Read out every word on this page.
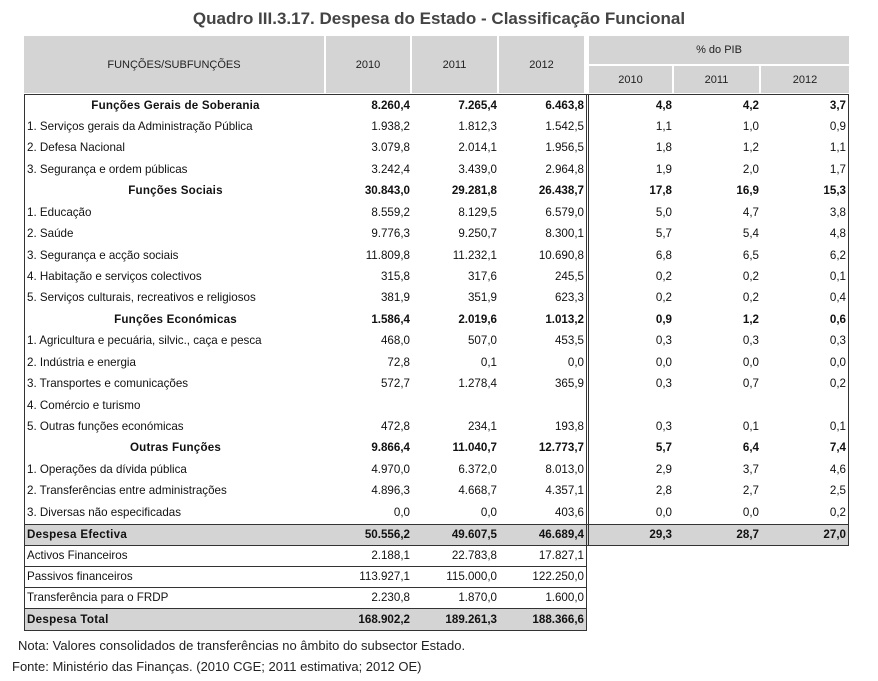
Quadro III.3.17. Despesa do Estado - Classificação Funcional
FUNÇÕES/SUBFUNÇÕES	2010	2011	2012
% do PIB
2010	2011	2012
Funções Gerais de Soberania	8.260,4	7.265,4	6.463,8	4,8	4,2	3,7
1. Serviços gerais da Administração Pública	1.938,2	1.812,3	1.542,5	1,1	1,0	0,9
2. Defesa Nacional	3.079,8	2.014,1	1.956,5	1,8	1,2	1,1
3. Segurança e ordem públicas	3.242,4	3.439,0	2.964,8	1,9	2,0	1,7
Funções Sociais	30.843,0	29.281,8	26.438,7	17,8	16,9	15,3
1. Educação	8.559,2	8.129,5	6.579,0	5,0	4,7	3,8
2. Saúde	9.776,3	9.250,7	8.300,1	5,7	5,4	4,8
3. Segurança e acção sociais	11.809,8	11.232,1	10.690,8	6,8	6,5	6,2
4. Habitação e serviços colectivos	315,8	317,6	245,5	0,2	0,2	0,1
5. Serviços culturais, recreativos e religiosos	381,9	351,9	623,3	0,2	0,2	0,4
Funções Económicas	1.586,4	2.019,6	1.013,2	0,9	1,2	0,6
1. Agricultura e pecuária, silvic., caça e pesca	468,0	507,0	453,5	0,3	0,3	0,3
2. Indústria e energia	72,8	0,1	0,0	0,0	0,0	0,0
3. Transportes e comunicações	572,7	1.278,4	365,9	0,3	0,7	0,2
4. Comércio e turismo
5. Outras funções económicas	472,8	234,1	193,8	0,3	0,1	0,1
Outras Funções	9.866,4	11.040,7	12.773,7	5,7	6,4	7,4
1. Operações da dívida pública	4.970,0	6.372,0	8.013,0	2,9	3,7	4,6
2. Transferências entre administrações	4.896,3	4.668,7	4.357,1	2,8	2,7	2,5
3. Diversas não especificadas	0,0	0,0	403,6	0,0	0,0	0,2
Despesa Efectiva	50.556,2	49.607,5	46.689,4	29,3	28,7	27,0
Activos Financeiros	2.188,1	22.783,8	17.827,1
Passivos financeiros	113.927,1	115.000,0	122.250,0
Transferência para o FRDP	2.230,8	1.870,0	1.600,0
Despesa Total	168.902,2	189.261,3	188.366,6
Nota: Valores consolidados de transferências no âmbito do subsector Estado.
Fonte: Ministério das Finanças. (2010 CGE; 2011 estimativa; 2012 OE)
